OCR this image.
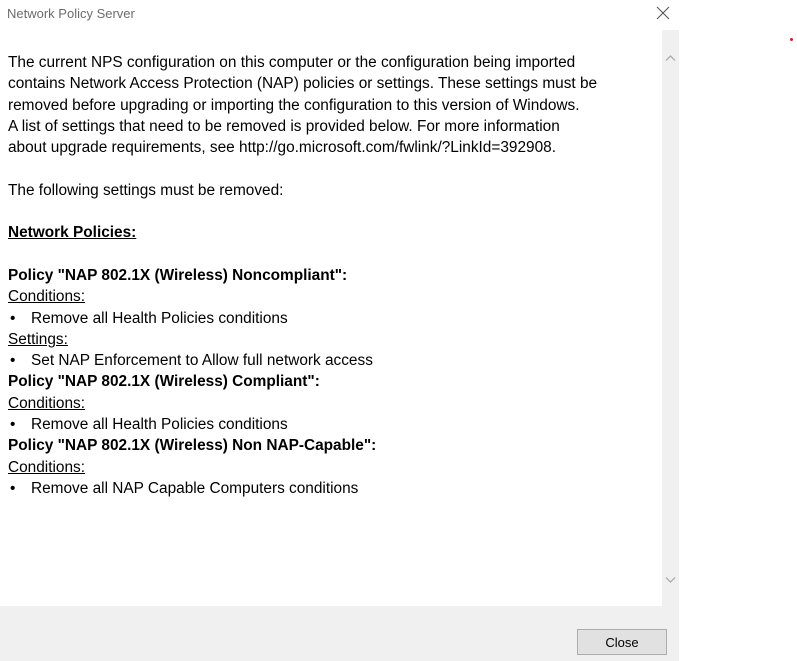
Network Policy Server

The current NPS configuration on this computer or the configuration being imported

contains Network Access Protection (NAP) policies or settings. These settings must be

removed before upgrading or importing the configuration to this version of Windows.

A list of settings that need to be removed is provided below. For more information

about upgrade requirements, see http://go.microsoft.com/fwlink/?LinkId=392908.

The following settings must be removed:

Network Policies:

Policy "NAP 802.1X (Wireless) Noncompliant":

Conditions:

•	Remove all Health Policies conditions

Settings:

•	Set NAP Enforcement to Allow full network access

Policy "NAP 802.1X (Wireless) Compliant":

Conditions:

•	Remove all Health Policies conditions

Policy "NAP 802.1X (Wireless) Non NAP-Capable":

Conditions:

•	Remove all NAP Capable Computers conditions
Close
